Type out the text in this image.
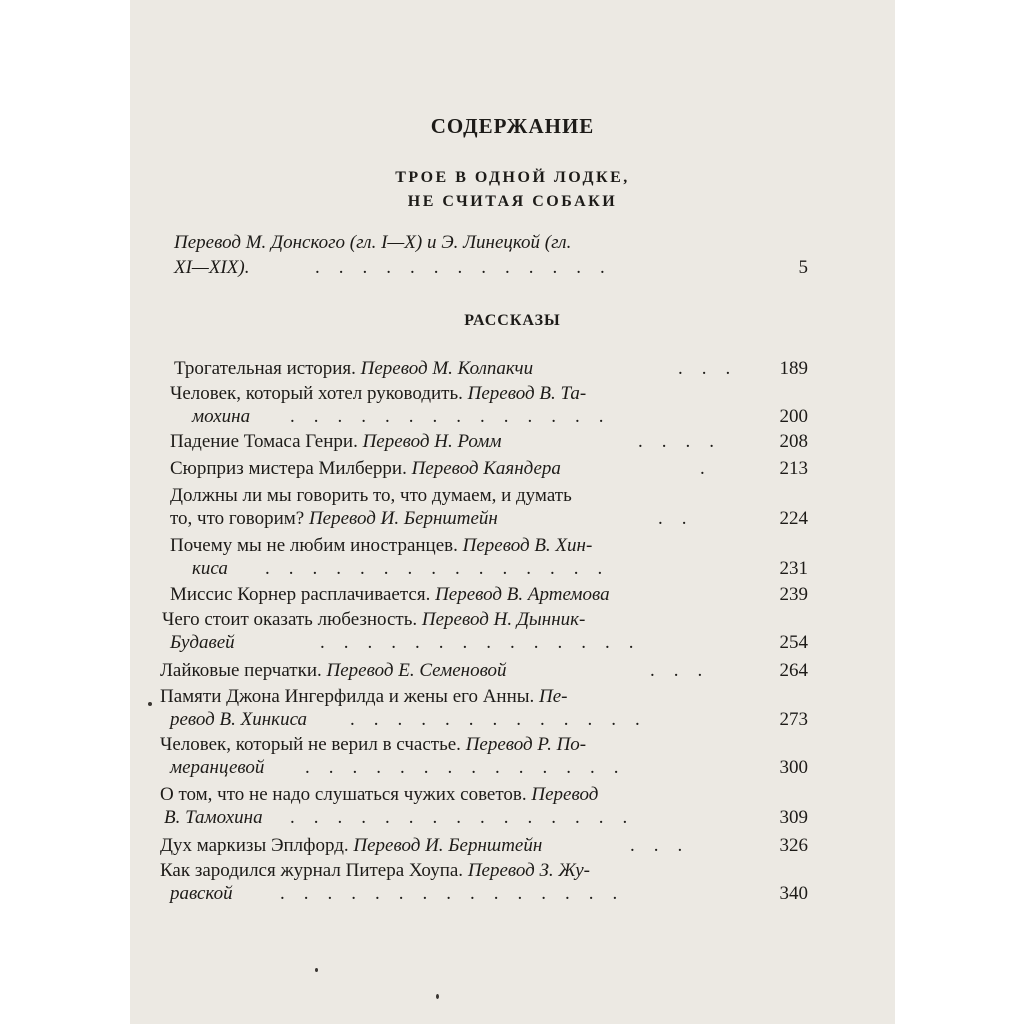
СОДЕРЖАНИЕ
ТРОЕ В ОДНОЙ ЛОДКЕ,
НЕ СЧИТАЯ СОБАКИ
Перевод М. Донского (гл. I—X) и Э. Линецкой (гл.
XI—XIX).	.    .    .    .    .    .    .    .    .    .    .    .    .	5
РАССКАЗЫ
Трогательная история. Перевод М. Колпакчи	.    .    .	189
Человек, который хотел руководить. Перевод В. Та-
мохина .    .    .    .    .    .    .    .    .    .    .    .    .    .	200
Падение Томаса Генри. Перевод Н. Ромм	.    .    .    .	208
Сюрприз мистера Милберри. Перевод Каяндера	.	213
Должны ли мы говорить то, что думаем, и думать
то, что говорим? Перевод И. Бернштейн	.    .	224
Почему мы не любим иностранцев. Перевод В. Хин-
киса .    .    .    .    .    .    .    .    .    .    .    .    .    .    .	231
Миссис Корнер расплачивается. Перевод В. Артемова	239
Чего стоит оказать любезность. Перевод Н. Дынник-
Будавей	.    .    .    .    .    .    .    .    .    .    .    .    .    .	254
Лайковые перчатки. Перевод Е. Семеновой	.    .    .	264
Памяти Джона Ингерфилда и жены его Анны. Пе-
ревод В. Хинкиса .    .    .    .    .    .    .    .    .    .    .    .    .	273
Человек, который не верил в счастье. Перевод Р. По-
меранцевой .    .    .    .    .    .    .    .    .    .    .    .    .    .	300
О том, что не надо слушаться чужих советов. Перевод
В. Тамохина .    .    .    .    .    .    .    .    .    .    .    .    .    .    .	309
Дух маркизы Эплфорд. Перевод И. Бернштейн	.    .    .	326
Как зародился журнал Питера Хоупа. Перевод З. Жу-
равской .    .    .    .    .    .    .    .    .    .    .    .    .    .    .	340
